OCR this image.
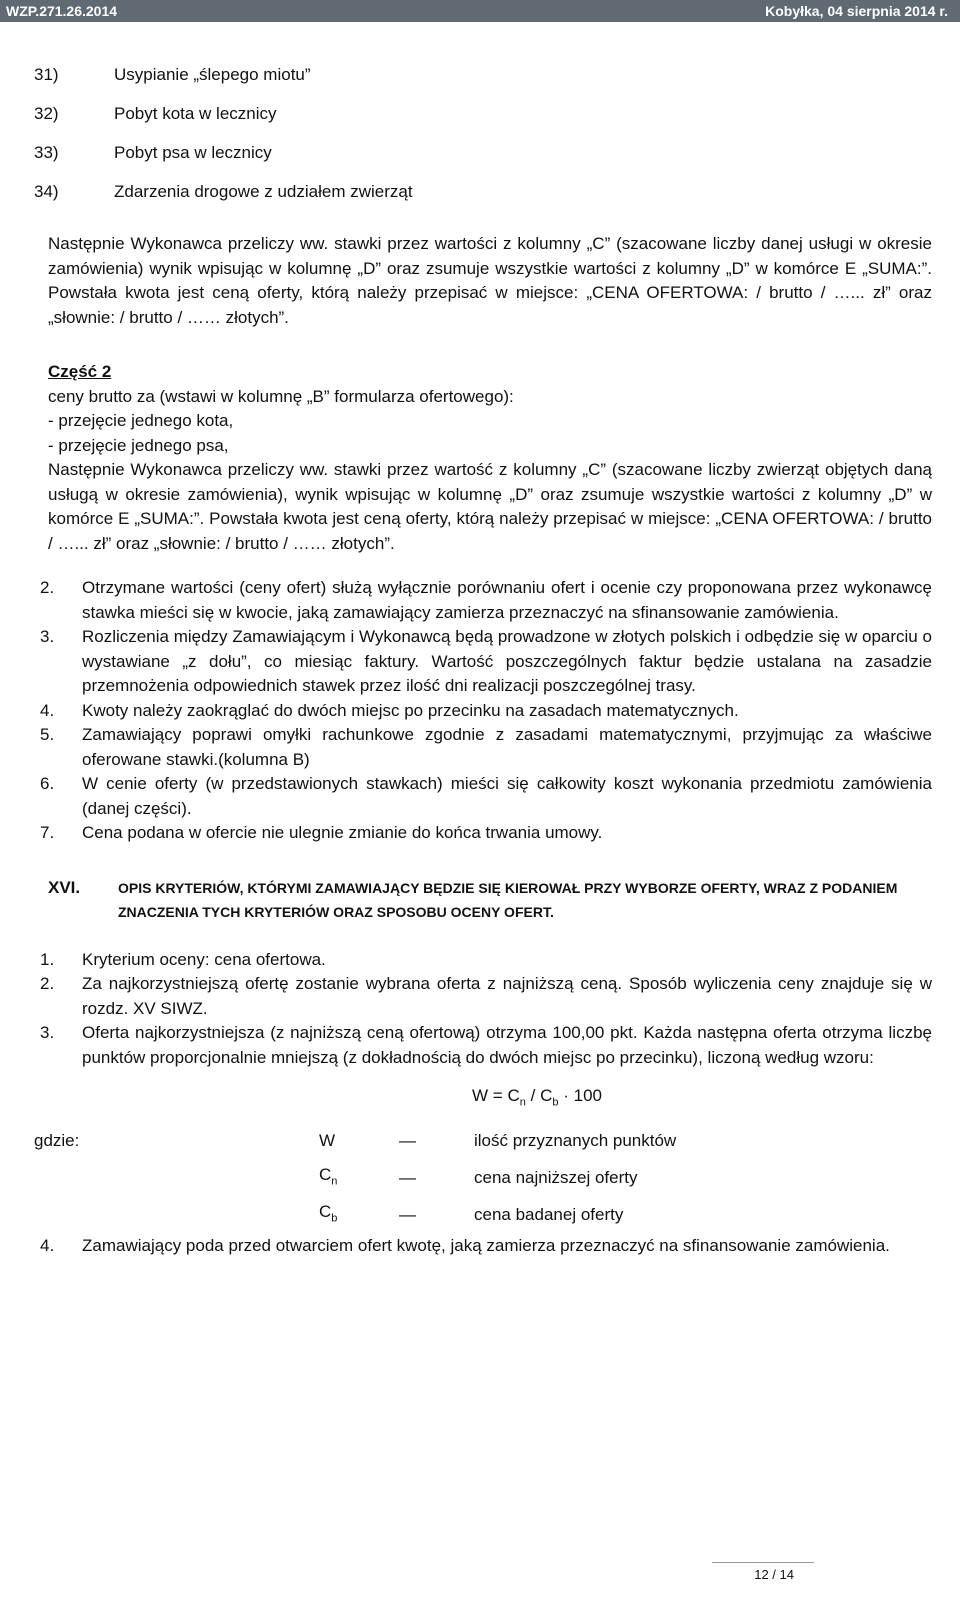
WZP.271.26.2014	Kobyłka, 04 sierpnia 2014 r.
31)	Usypianie „ślepego miotu”
32)	Pobyt kota w lecznicy
33)	Pobyt psa w lecznicy
34)	Zdarzenia drogowe z udziałem zwierząt

Następnie Wykonawca przeliczy ww. stawki przez wartości z kolumny „C” (szacowane liczby danej usługi w okresie zamówienia) wynik wpisując w kolumnę „D” oraz zsumuje wszystkie wartości z kolumny „D” w komórce E „SUMA:”. Powstała kwota jest ceną oferty, którą należy przepisać w miejsce: „CENA OFERTOWA: / brutto / …... zł” oraz „słownie: / brutto / …… złotych”.

Część 2

ceny brutto za (wstawi w kolumnę „B” formularza ofertowego):

- przejęcie jednego kota,

- przejęcie jednego psa,

Następnie Wykonawca przeliczy ww. stawki przez wartość z kolumny „C” (szacowane liczby zwierząt objętych daną usługą w okresie zamówienia), wynik wpisując w kolumnę „D” oraz zsumuje wszystkie wartości z kolumny „D” w komórce E „SUMA:”. Powstała kwota jest ceną oferty, którą należy przepisać w miejsce: „CENA OFERTOWA: / brutto / …... zł” oraz „słownie: / brutto / …… złotych”.

2.	Otrzymane wartości (ceny ofert) służą wyłącznie porównaniu ofert i ocenie czy proponowana przez wykonawcę stawka mieści się w kwocie, jaką zamawiający zamierza przeznaczyć na sfinansowanie zamówienia.

3.	Rozliczenia między Zamawiającym i Wykonawcą będą prowadzone w złotych polskich i odbędzie się w oparciu o wystawiane „z dołu”, co miesiąc faktury. Wartość poszczególnych faktur będzie ustalana na zasadzie przemnożenia odpowiednich stawek przez ilość dni realizacji poszczególnej trasy.

4.	Kwoty należy zaokrąglać do dwóch miejsc po przecinku na zasadach matematycznych.

5.	Zamawiający poprawi omyłki rachunkowe zgodnie z zasadami matematycznymi, przyjmując za właściwe oferowane stawki.(kolumna B)

6.	W cenie oferty (w przedstawionych stawkach) mieści się całkowity koszt wykonania przedmiotu zamówienia (danej części).

7.	Cena podana w ofercie nie ulegnie zmianie do końca trwania umowy.

XVI.	OPIS KRYTERIÓW, KTÓRYMI ZAMAWIAJĄCY BĘDZIE SIĘ KIEROWAŁ PRZY WYBORZE OFERTY, WRAZ Z PODANIEM ZNACZENIA TYCH KRYTERIÓW ORAZ SPOSOBU OCENY OFERT.
1.	Kryterium oceny: cena ofertowa.

2.	Za najkorzystniejszą ofertę zostanie wybrana oferta z najniższą ceną. Sposób wyliczenia ceny znajduje się w rozdz. XV SIWZ.

3.	Oferta najkorzystniejsza (z najniższą ceną ofertową) otrzyma 100,00 pkt. Każda następna oferta otrzyma liczbę punktów proporcjonalnie mniejszą (z dokładnością do dwóch miejsc po przecinku), liczoną według wzoru:

$W = C_n / C_b \cdot 100$
gdzie:	W	—	ilość przyznanych punktów
$C_n$	—	cena najniższej oferty
$C_b$	—	cena badanej oferty
4.	Zamawiający poda przed otwarciem ofert kwotę, jaką zamierza przeznaczyć na sfinansowanie zamówienia.

12 / 14
